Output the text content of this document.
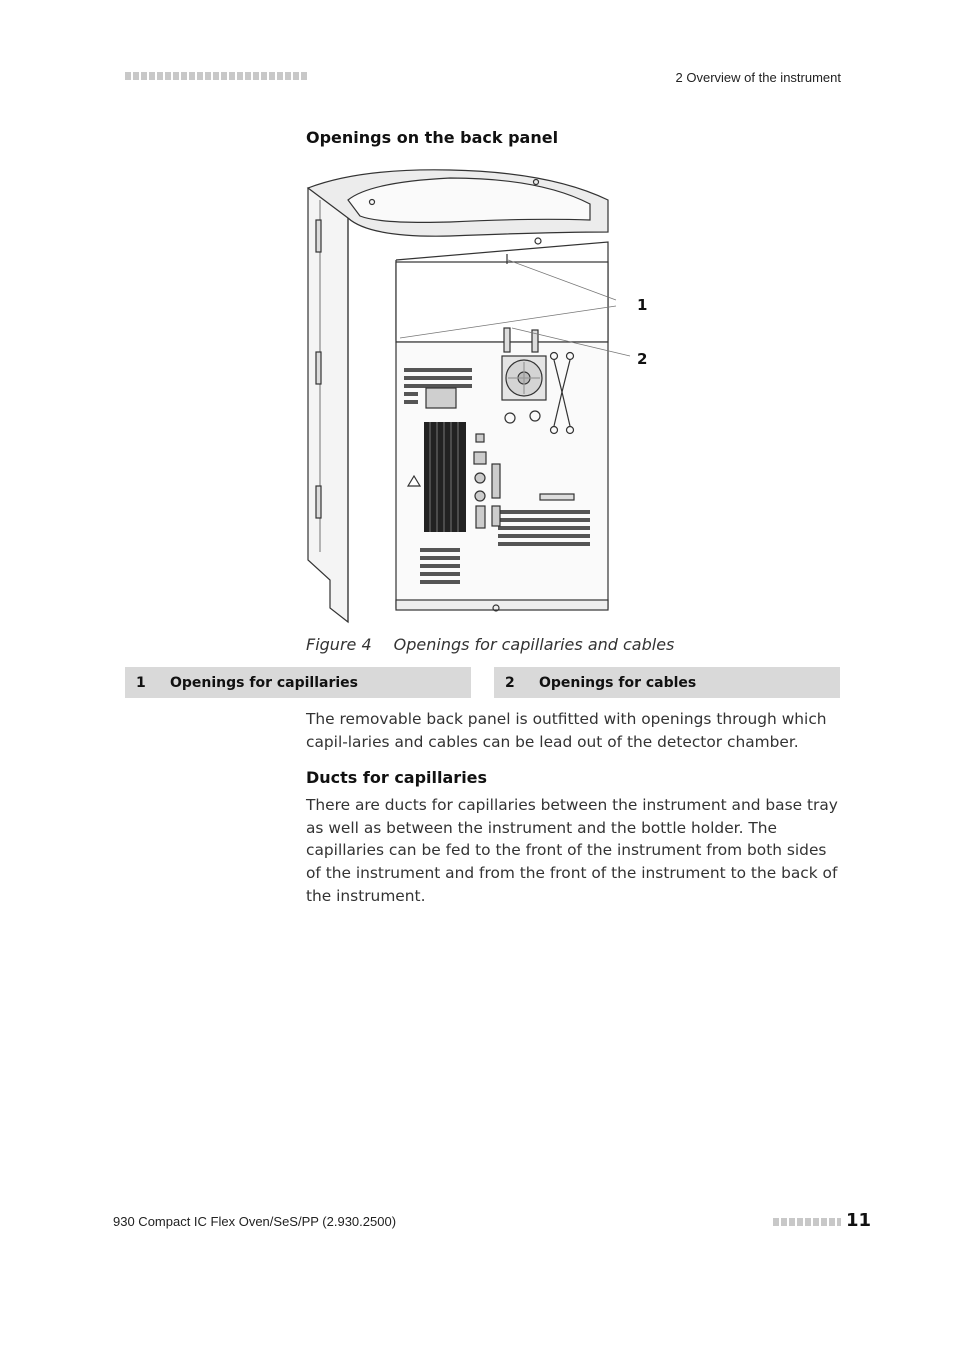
2 Overview of the instrument
Openings on the back panel
1
2
Figure 4 Openings for capillaries and cables
1	Openings for capillaries	2	Openings for cables

The removable back panel is outfitted with openings through which capil-laries and cables can be lead out of the detector chamber.

Ducts for capillaries

There are ducts for capillaries between the instrument and base tray as well as between the instrument and the bottle holder. The capillaries can be fed to the front of the instrument from both sides of the instrument and from the front of the instrument to the back of the instrument.

930 Compact IC Flex Oven/SeS/PP (2.930.2500)	11
